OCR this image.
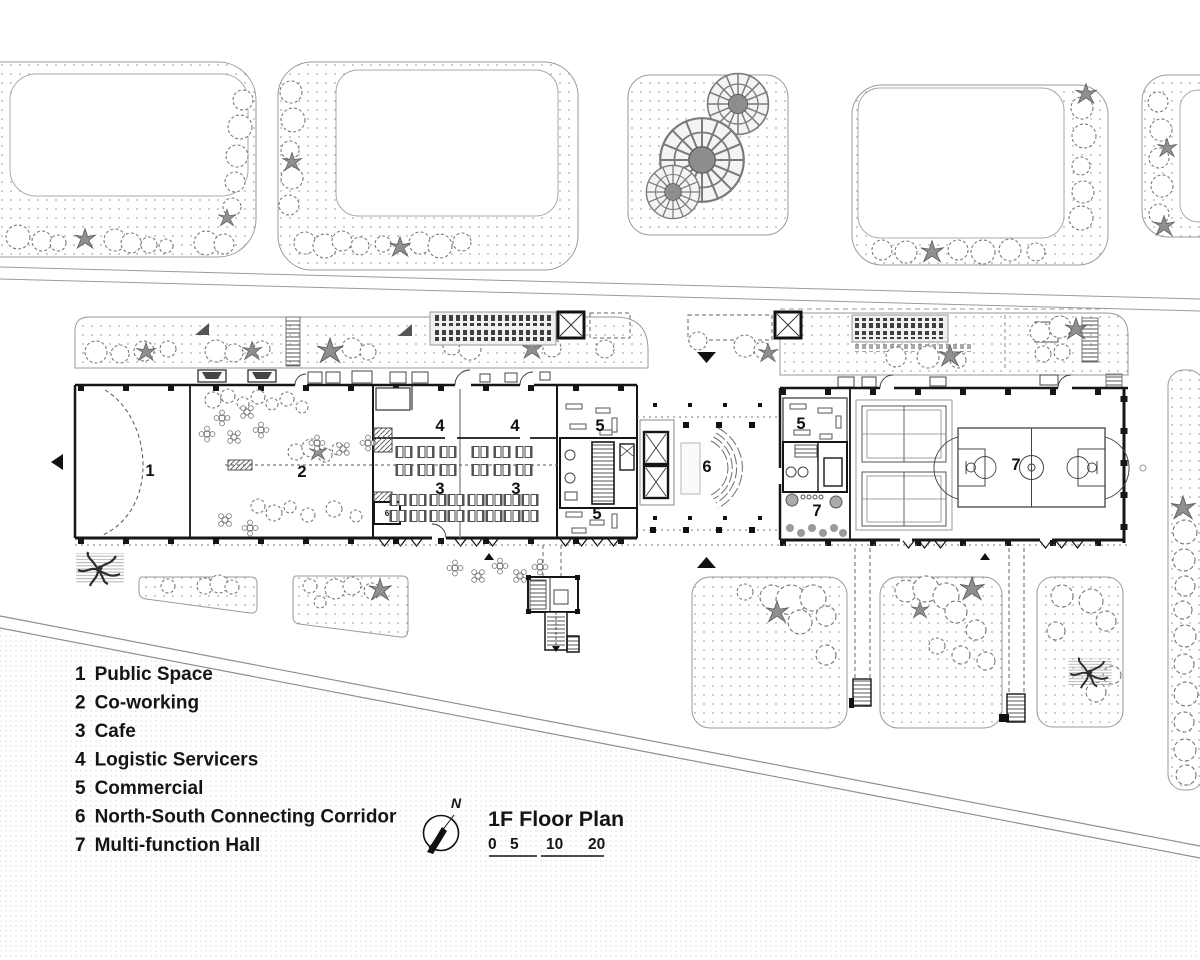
1	2
3	3
4	4	5
5
5
6
7
7
6
1 Public Space
2 Co-working
3 Cafe
4 Logistic Servicers
5 Commercial
6 North-South Connecting Corridor
7 Multi-function Hall
N
1F Floor Plan
0 5 10 20
